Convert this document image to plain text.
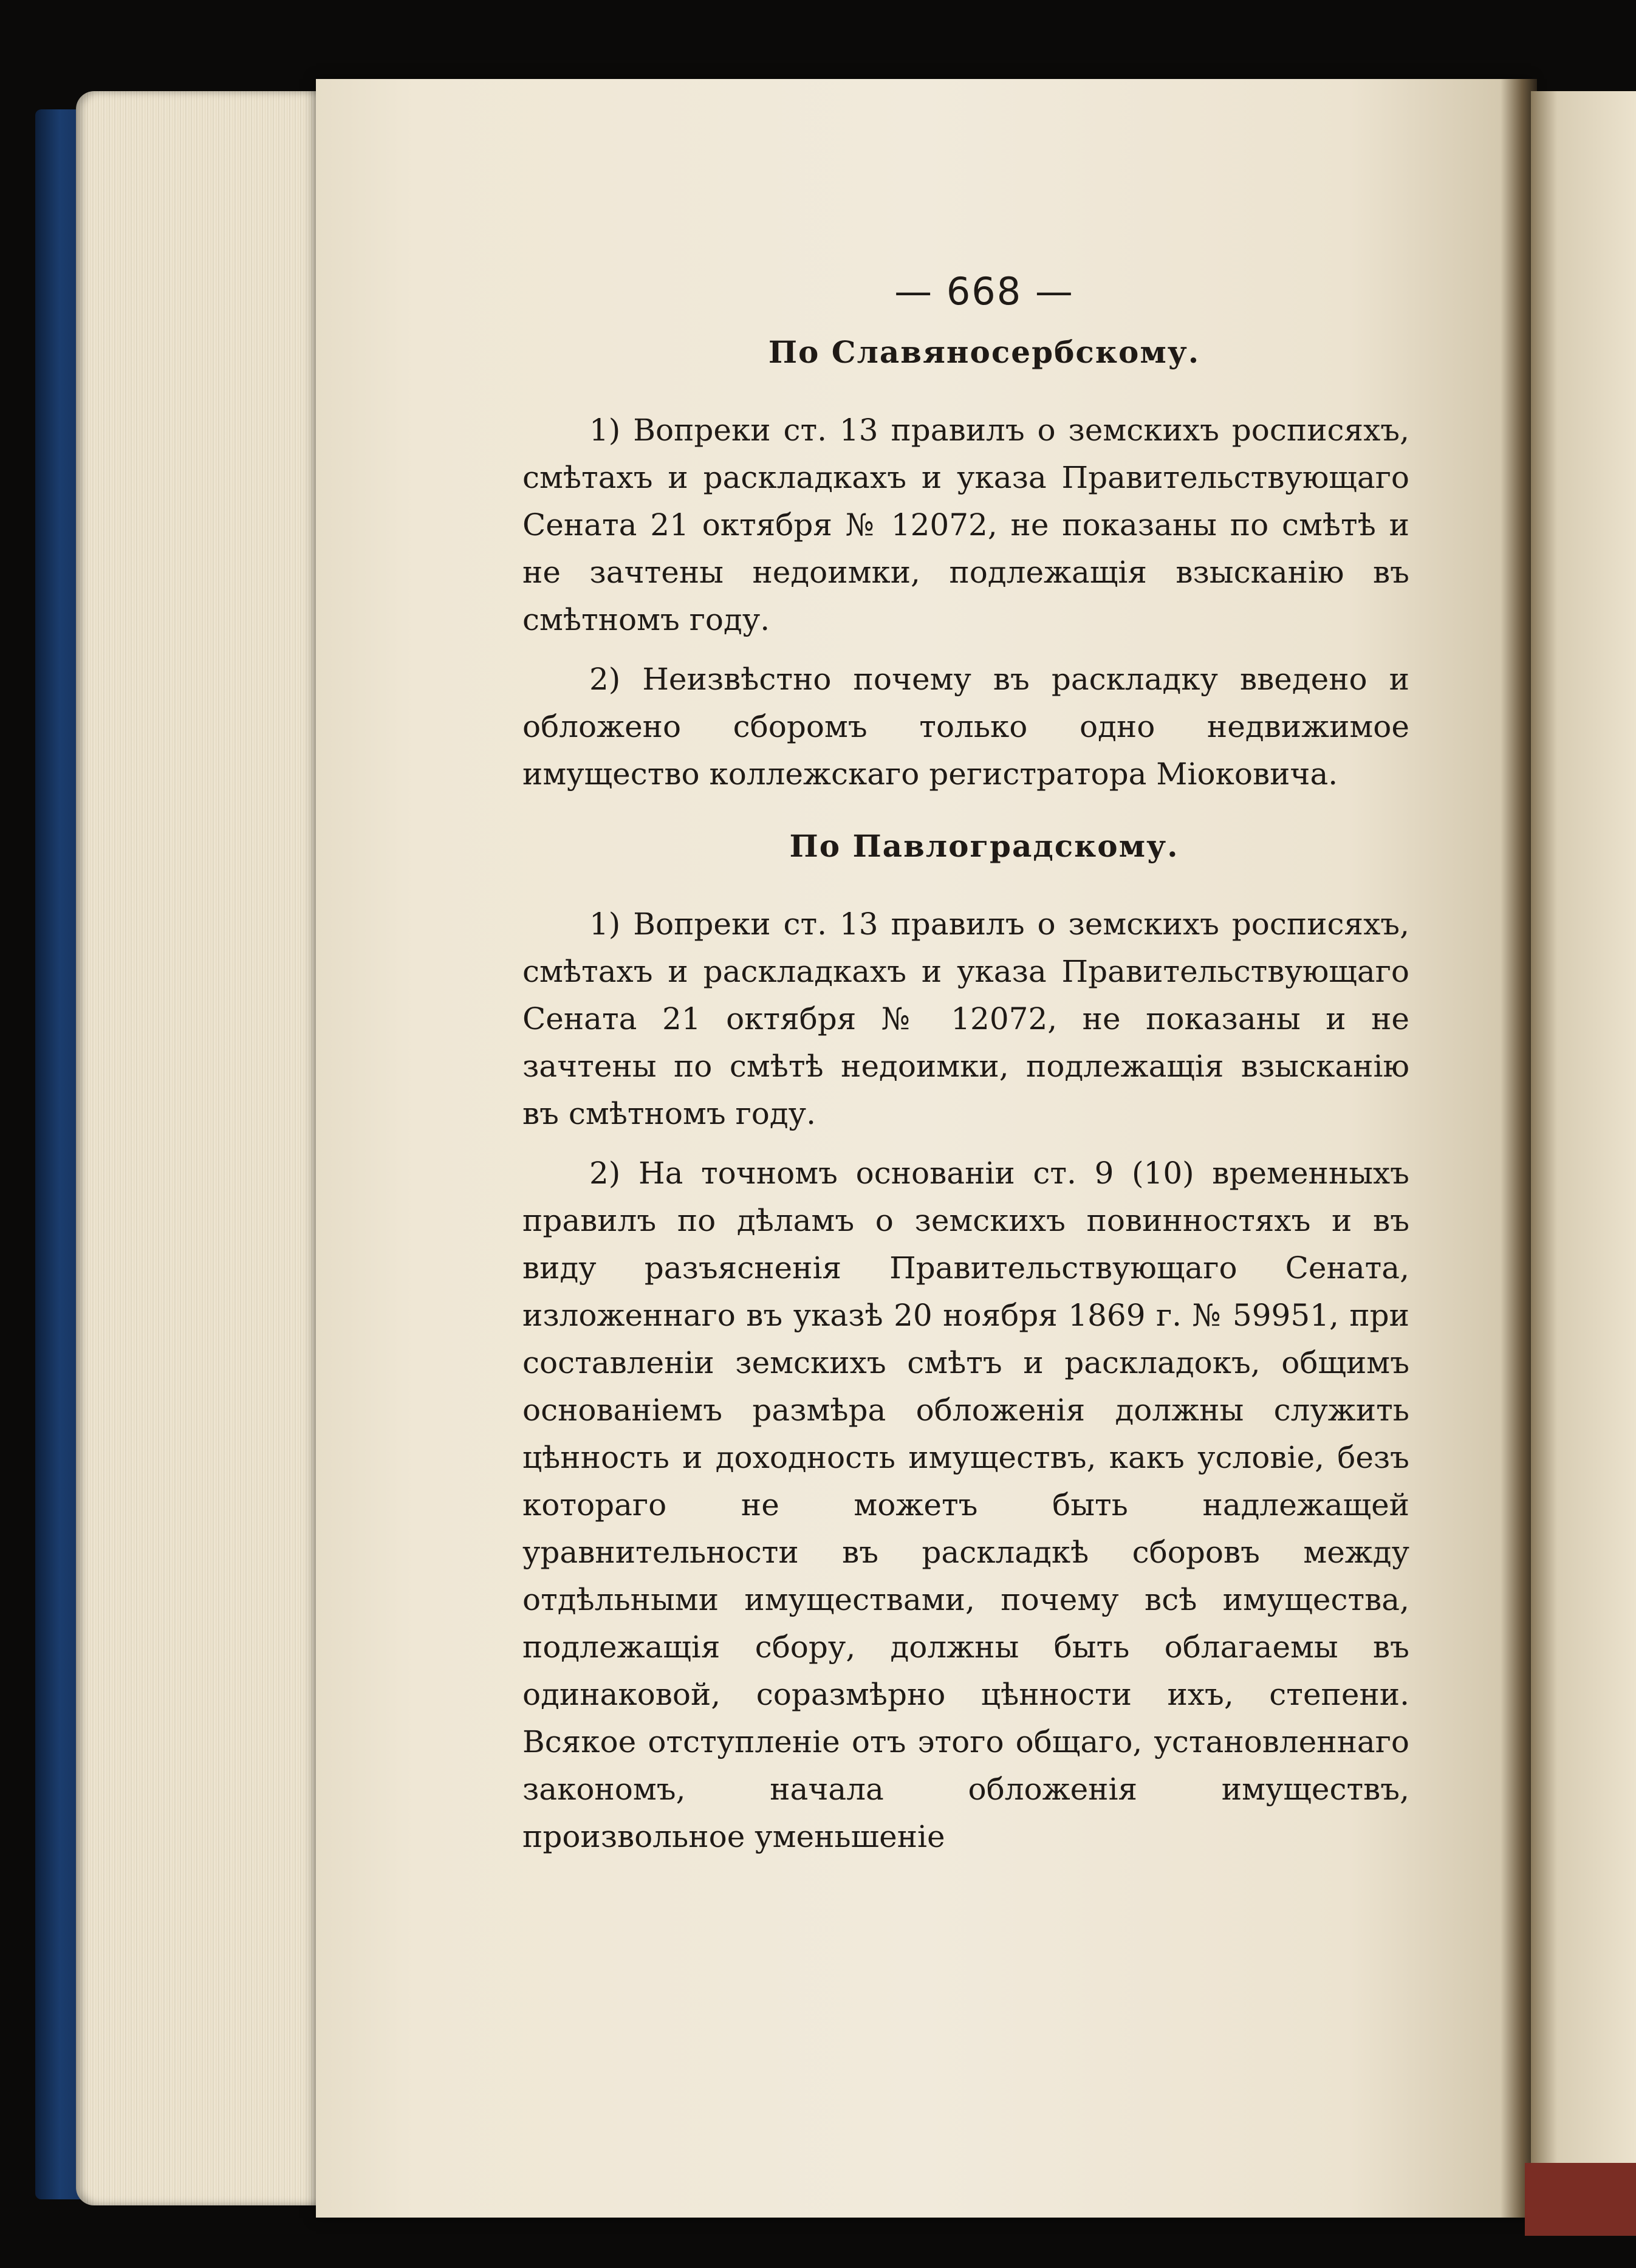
— 668 —
По Славяносербскому.

1) Вопреки ст. 13 правилъ о земскихъ росписяхъ, смѣтахъ и раскладкахъ и указа Правительствующаго Сената 21 октября № 12072, не показаны по смѣтѣ и не зачтены недоимки, подлежащія взысканію въ смѣтномъ году.

2) Неизвѣстно почему въ раскладку введено и обложено сборомъ только одно недвижимое имущество коллежскаго регистратора Міоковича.

По Павлоградскому.

1) Вопреки ст. 13 правилъ о земскихъ росписяхъ, смѣтахъ и раскладкахъ и указа Правительствующаго Сената 21 октября № 12072, не показаны и не зачтены по смѣтѣ недоимки, подлежащія взысканію въ смѣтномъ году.

2) На точномъ основаніи ст. 9 (10) временныхъ правилъ по дѣламъ о земскихъ повинностяхъ и въ виду разъясненія Правительствующаго Сената, изложеннаго въ указѣ 20 ноября 1869 г. № 59951, при составленіи земскихъ смѣтъ и раскладокъ, общимъ основаніемъ размѣра обложенія должны служить цѣнность и доходность имуществъ, какъ условіе, безъ котораго не можетъ быть надлежащей уравнительности въ раскладкѣ сборовъ между отдѣльными имуществами, почему всѣ имущества, подлежащія сбору, должны быть облагаемы въ одинаковой, соразмѣрно цѣнности ихъ, степени. Всякое отступленіе отъ этого общаго, установленнаго закономъ, начала обложенія имуществъ, произвольное уменьшеніе
